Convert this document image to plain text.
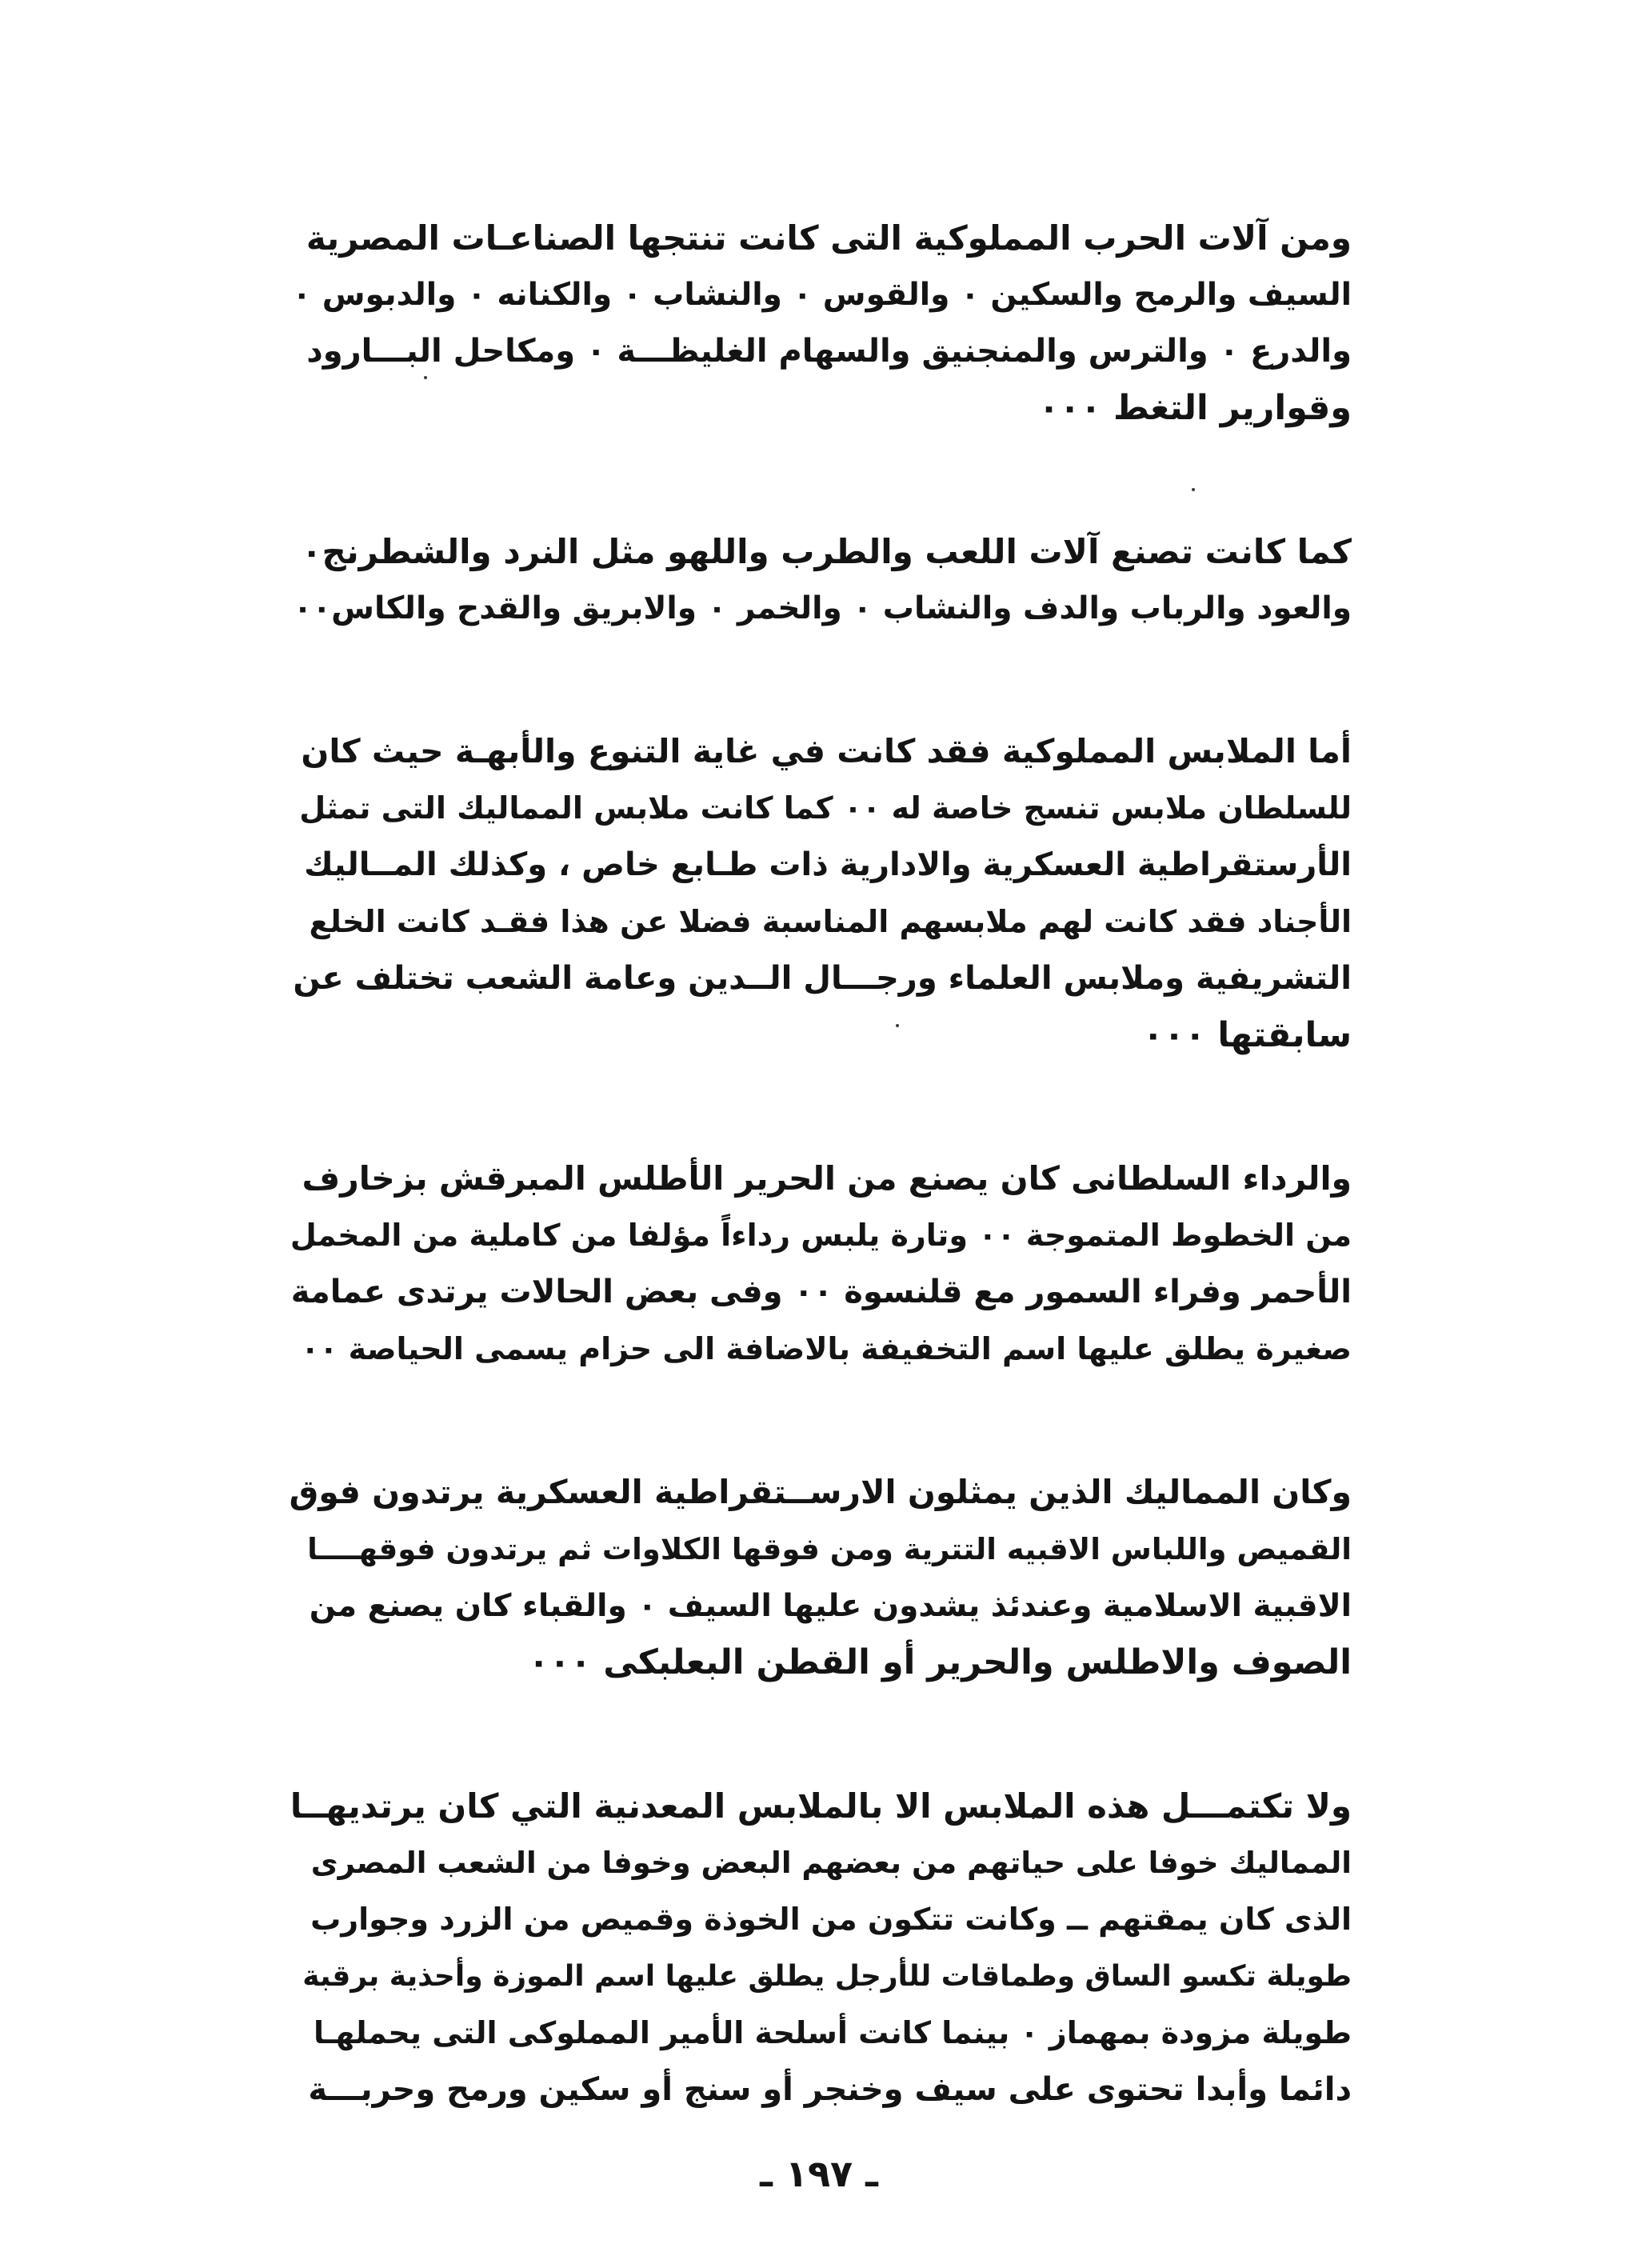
ومن آلات الحرب المملوكية التى كانت تنتجها الصناعـات المصرية
السيف والرمح والسكين ٠ والقوس ٠ والنشاب ٠ والكنانه ٠ والدبوس ٠
والدرع ٠ والترس والمنجنيق والسهام الغليظـــة ٠ ومكاحل البـــارود
وقوارير التغط ٠٠٠
كما كانت تصنع آلات اللعب والطرب واللهو مثل النرد والشطرنج٠
والعود والرباب والدف والنشاب ٠ والخمر ٠ والابريق والقدح والكاس٠٠
أما الملابس المملوكية فقد كانت في غاية التنوع والأبهـة حيث كان
للسلطان ملابس تنسج خاصة له ٠٠ كما كانت ملابس المماليك التى تمثل
الأرستقراطية العسكرية والادارية ذات طـابع خاص ، وكذلك المــاليك
الأجناد فقد كانت لهم ملابسهم المناسبة فضلا عن هذا فقـد كانت الخلع
التشريفية وملابس العلماء ورجـــال الــدين وعامة الشعب تختلف عن
سابقتها ٠٠٠
والرداء السلطانى كان يصنع من الحرير الأطلس المبرقش بزخارف
من الخطوط المتموجة ٠٠ وتارة يلبس رداءاً مؤلفا من كاملية من المخمل
الأحمر وفراء السمور مع قلنسوة ٠٠ وفى بعض الحالات يرتدى عمامة
صغيرة يطلق عليها اسم التخفيفة بالاضافة الى حزام يسمى الحياصة ٠٠
وكان المماليك الذين يمثلون الارســتقراطية العسكرية يرتدون فوق
القميص واللباس الاقبيه التترية ومن فوقها الكلاوات ثم يرتدون فوقهــــا
الاقبية الاسلامية وعندئذ يشدون عليها السيف ٠ والقباء كان يصنع من
الصوف والاطلس والحرير أو القطن البعلبكى ٠٠٠
ولا تكتمـــل هذه الملابس الا بالملابس المعدنية التي كان يرتديهــا
المماليك خوفا على حياتهم من بعضهم البعض وخوفا من الشعب المصرى
الذى كان يمقتهم ــ وكانت تتكون من الخوذة وقميص من الزرد وجوارب
طويلة تكسو الساق وطماقات للأرجل يطلق عليها اسم الموزة وأحذية برقبة
طويلة مزودة بمهماز ٠ بينما كانت أسلحة الأمير المملوكى التى يحملهـا
دائما وأبدا تحتوى على سيف وخنجر أو سنج أو سكين ورمح وحربـــة
ـ ١٩٧ ـ
